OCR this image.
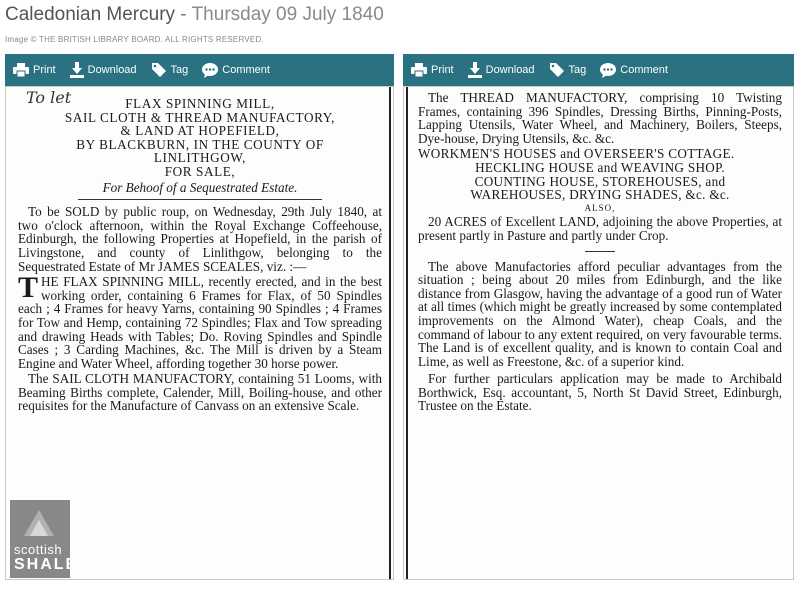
Caledonian Mercury - Thursday 09 July 1840
Image © THE BRITISH LIBRARY BOARD. ALL RIGHTS RESERVED.
Print	Download	Tag	Comment	Print	Download	Tag	Comment
To let	FLAX SPINNING MILL,

SAIL CLOTH & THREAD MANUFACTORY,

& LAND AT HOPEFIELD,

BY BLACKBURN, IN THE COUNTY OF

LINLITHGOW,

FOR SALE,

For Behoof of a Sequestrated Estate.

To be SOLD by public roup, on Wednesday, 29th July 1840, at two o'clock afternoon, within the Royal Exchange Coffeehouse, Edinburgh, the following Properties at Hopefield, in the parish of Livingstone, and county of Linlithgow, belonging to the Sequestrated Estate of Mr JAMES SCEALES, viz. :—

THE FLAX SPINNING MILL, recently erected, and in the best working order, containing 6 Frames for Flax, of 50 Spindles each ; 4 Frames for heavy Yarns, containing 90 Spindles ; 4 Frames for Tow and Hemp, containing 72 Spindles; Flax and Tow spreading and drawing Heads with Tables; Do. Roving Spindles and Spindle Cases ; 3 Carding Machines, &c. The Mill is driven by a Steam Engine and Water Wheel, affording together 30 horse power.

The SAIL CLOTH MANUFACTORY, containing 51 Looms, with Beaming Births complete, Calender, Mill, Boiling-house, and other requisites for the Manufacture of Canvass on an extensive Scale.

The THREAD MANUFACTORY, comprising 10 Twisting Frames, containing 396 Spindles, Dressing Births, Pinning-Posts, Lapping Utensils, Water Wheel, and Machinery, Boilers, Steeps, Dye-house, Drying Utensils, &c. &c.

WORKMEN'S HOUSES and OVERSEER'S COTTAGE.

HECKLING HOUSE and WEAVING SHOP.

COUNTING HOUSE, STOREHOUSES, and

WAREHOUSES, DRYING SHADES, &c. &c.

ALSO,

20 ACRES of Excellent LAND, adjoining the above Properties, at present partly in Pasture and partly under Crop.

The above Manufactories afford peculiar advantages from the situation ; being about 20 miles from Edinburgh, and the like distance from Glasgow, having the advantage of a good run of Water at all times (which might be greatly increased by some contemplated improvements on the Almond Water), cheap Coals, and the command of labour to any extent required, on very favourable terms. The Land is of excellent quality, and is known to contain Coal and Lime, as well as Freestone, &c. of a superior kind.

For further particulars application may be made to Archibald Borthwick, Esq. accountant, 5, North St David Street, Edinburgh, Trustee on the Estate.

scottish
SHALE
